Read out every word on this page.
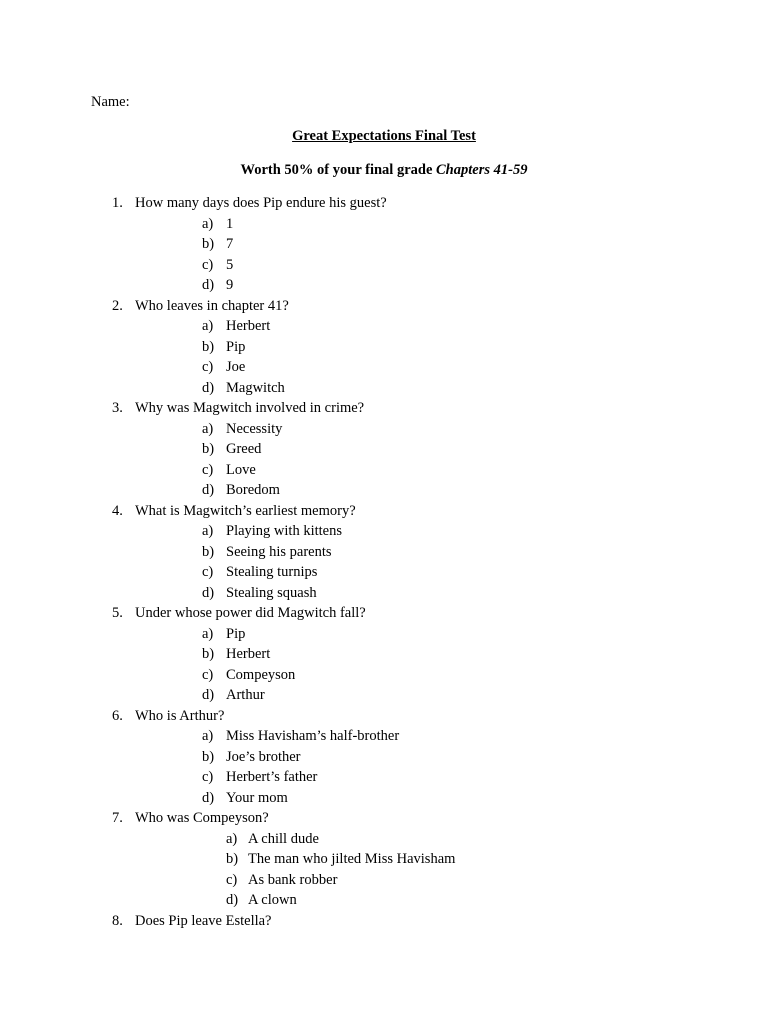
Name:
Great Expectations Final Test
Worth 50% of your final grade Chapters 41-59
1. How many days does Pip endure his guest?
a) 1
b) 7
c) 5
d) 9
2. Who leaves in chapter 41?
a) Herbert
b) Pip
c) Joe
d) Magwitch
3. Why was Magwitch involved in crime?
a) Necessity
b) Greed
c) Love
d) Boredom
4. What is Magwitch’s earliest memory?
a) Playing with kittens
b) Seeing his parents
c) Stealing turnips
d) Stealing squash
5. Under whose power did Magwitch fall?
a) Pip
b) Herbert
c) Compeyson
d) Arthur
6. Who is Arthur?
a) Miss Havisham’s half-brother
b) Joe’s brother
c) Herbert’s father
d) Your mom
7. Who was Compeyson?
a) A chill dude
b) The man who jilted Miss Havisham
c) As bank robber
d) A clown
8. Does Pip leave Estella?
